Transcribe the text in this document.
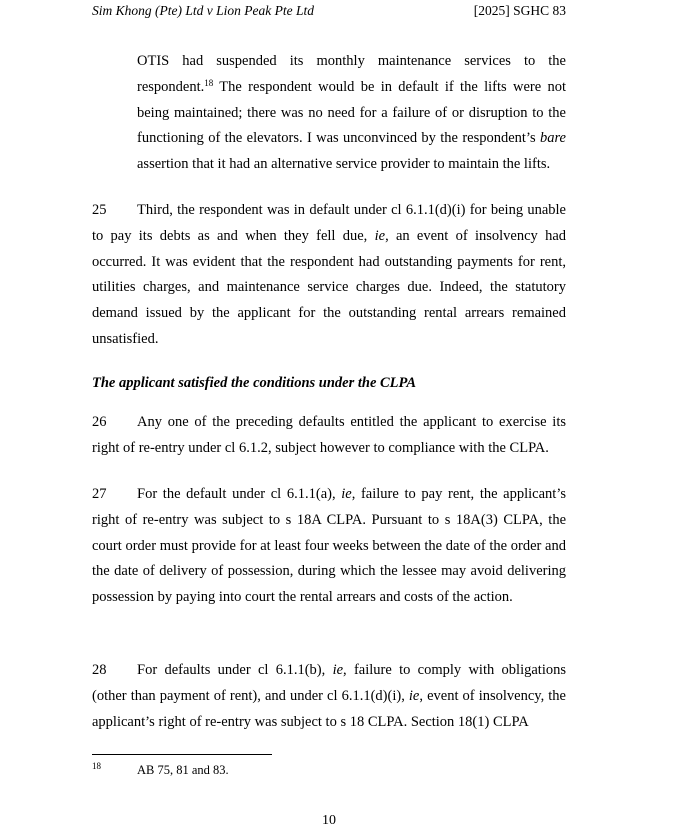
Sim Khong (Pte) Ltd v Lion Peak Pte Ltd	[2025] SGHC 83

OTIS had suspended its monthly maintenance services to the respondent.$^{18}$ The respondent would be in default if the lifts were not being maintained; there was no need for a failure of or disruption to the functioning of the elevators. I was unconvinced by the respondent’s bare assertion that it had an alternative service provider to maintain the lifts.

25 Third, the respondent was in default under cl 6.1.1(d)(i) for being unable to pay its debts as and when they fell due, ie, an event of insolvency had occurred. It was evident that the respondent had outstanding payments for rent, utilities charges, and maintenance service charges due. Indeed, the statutory demand issued by the applicant for the outstanding rental arrears remained unsatisfied.

The applicant satisfied the conditions under the CLPA

26 Any one of the preceding defaults entitled the applicant to exercise its right of re-entry under cl 6.1.2, subject however to compliance with the CLPA.

27 For the default under cl 6.1.1(a), ie, failure to pay rent, the applicant’s right of re-entry was subject to s 18A CLPA. Pursuant to s 18A(3) CLPA, the court order must provide for at least four weeks between the date of the order and the date of delivery of possession, during which the lessee may avoid delivering possession by paying into court the rental arrears and costs of the action.

28 For defaults under cl 6.1.1(b), ie, failure to comply with obligations (other than payment of rent), and under cl 6.1.1(d)(i), ie, event of insolvency, the applicant’s right of re-entry was subject to s 18 CLPA. Section 18(1) CLPA

18	AB 75, 81 and 83.
10
